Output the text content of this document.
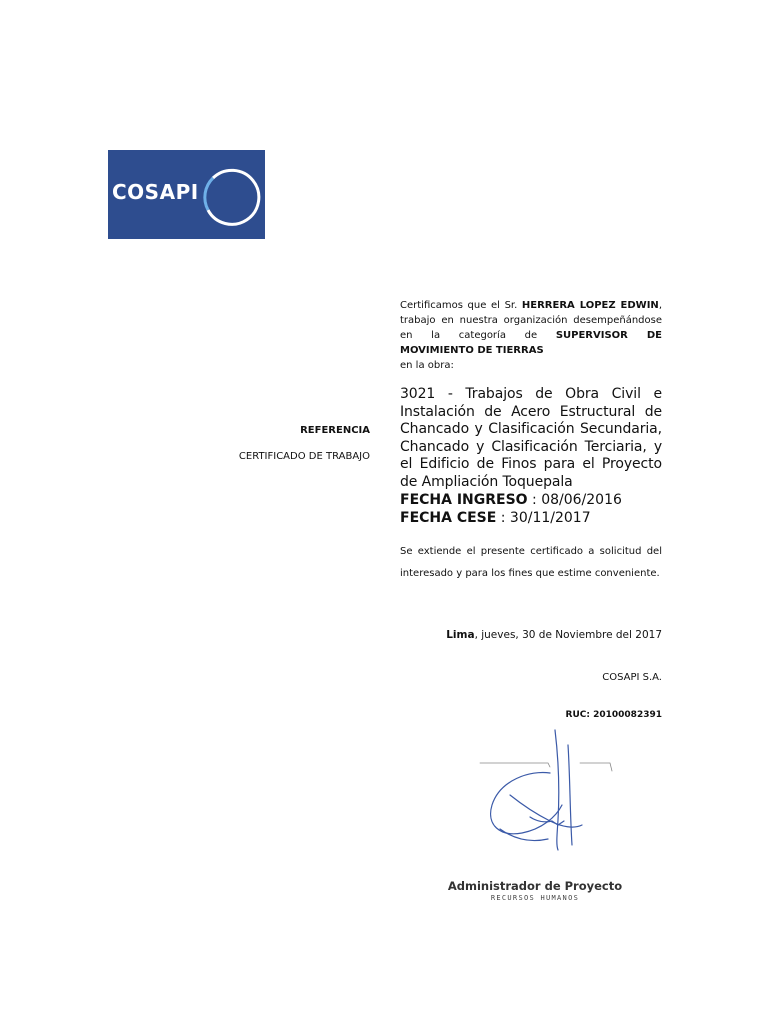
COSAPI
REFERENCIA
CERTIFICADO DE TRABAJO

Certificamos que el Sr. HERRERA LOPEZ EDWIN,

trabajo en nuestra organización desempeñándose

en la categoría de SUPERVISOR DE

MOVIMIENTO DE TIERRAS

en la obra:

3021 - Trabajos de Obra Civil e Instalación de Acero Estructural de Chancado y Clasificación Secundaria, Chancado y Clasificación Terciaria, y el Edificio de Finos para el Proyecto de Ampliación Toquepala
FECHA INGRESO : 08/06/2016
FECHA CESE : 30/11/2017

Se extiende el presente certificado a solicitud del

interesado y para los fines que estime conveniente.

Lima, jueves, 30 de Noviembre del 2017
COSAPI S.A.
RUC: 20100082391
Administrador de Proyecto
RECURSOS HUMANOS
